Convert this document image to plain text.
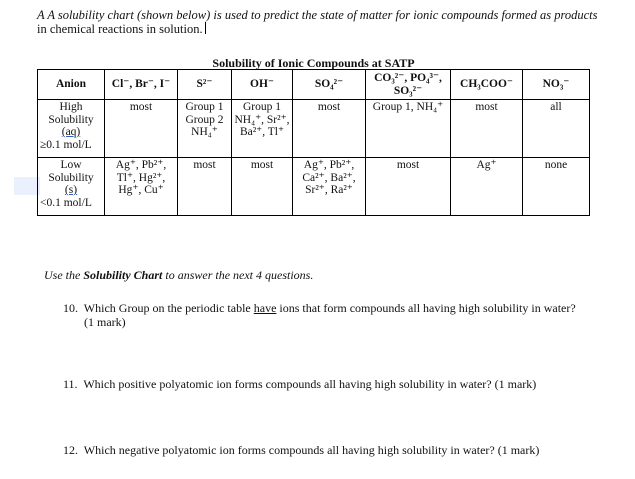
A A solubility chart (shown below) is used to predict the state of matter for ionic compounds formed as products
in chemical reactions in solution.
Solubility of Ionic Compounds at SATP							
Anion	Cl⁻, Br⁻, I⁻	S²⁻	OH⁻	SO₄²⁻	CO₃²⁻, PO₄³⁻, SO₃²⁻	CH₃COO⁻	NO₃⁻
High
Solubility
(aq)
≥0.1 mol/L	most	Group 1
Group 2
NH₄⁺	Group 1
NH₄⁺, Sr²⁺,
Ba²⁺, Tl⁺	most	Group 1, NH₄⁺	most	all
Low
Solubility
(s)
<0.1 mol/L	Ag⁺, Pb²⁺,
Tl⁺, Hg²⁺,
Hg⁺, Cu⁺	most	most	Ag⁺, Pb²⁺,
Ca²⁺, Ba²⁺,
Sr²⁺, Ra²⁺	most	Ag⁺	none
Use the Solubility Chart to answer the next 4 questions.
10. Which Group on the periodic table have ions that form compounds all having high solubility in water?
(1 mark)
11. Which positive polyatomic ion forms compounds all having high solubility in water? (1 mark)
12. Which negative polyatomic ion forms compounds all having high solubility in water? (1 mark)
